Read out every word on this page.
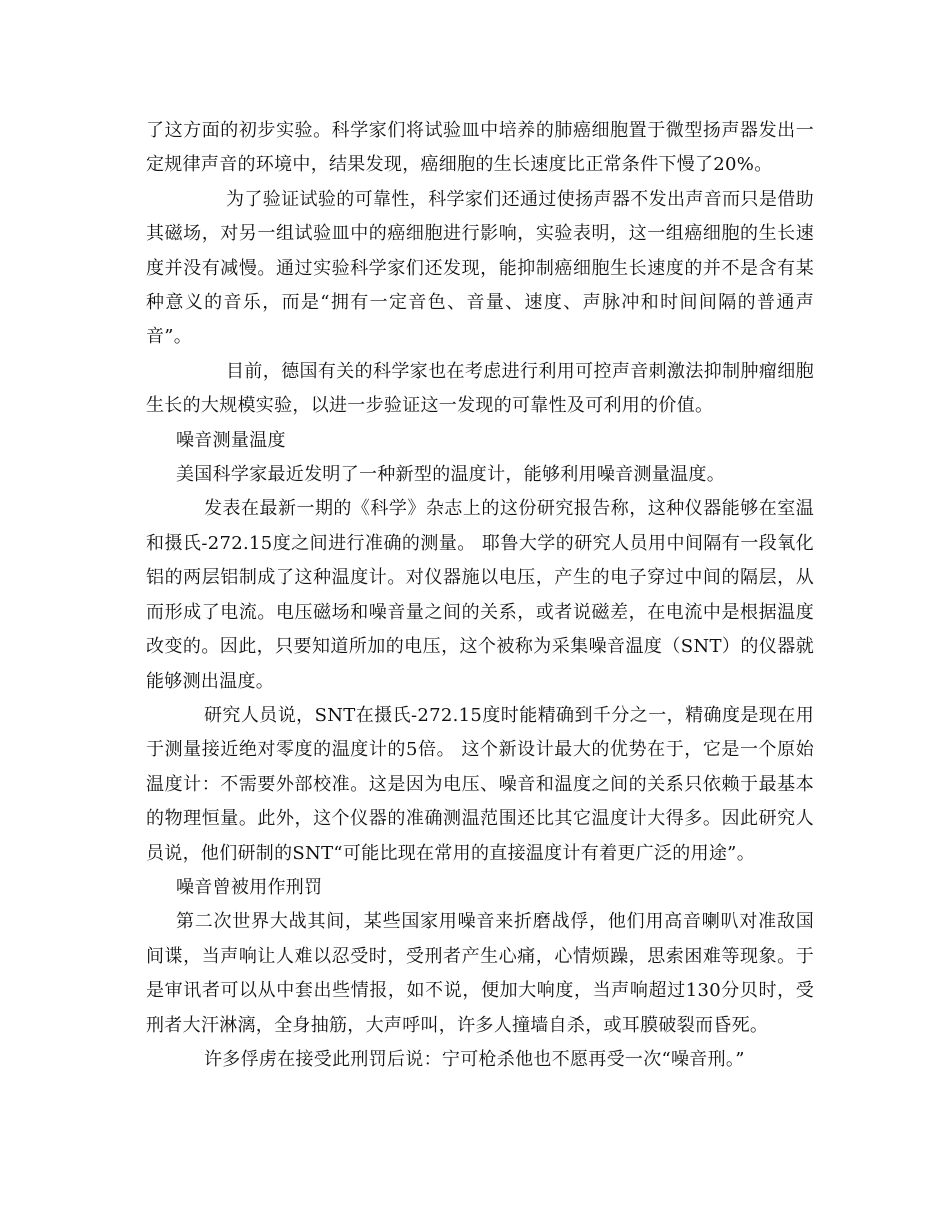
了这方面的初步实验。科学家们将试验皿中培养的肺癌细胞置于微型扬声器发出一定规律声音的环境中，结果发现，癌细胞的生长速度比正常条件下慢了20%。

为了验证试验的可靠性，科学家们还通过使扬声器不发出声音而只是借助其磁场，对另一组试验皿中的癌细胞进行影响，实验表明，这一组癌细胞的生长速度并没有减慢。通过实验科学家们还发现，能抑制癌细胞生长速度的并不是含有某种意义的音乐，而是“拥有一定音色、音量、速度、声脉冲和时间间隔的普通声音”。

目前，德国有关的科学家也在考虑进行利用可控声音刺激法抑制肿瘤细胞生长的大规模实验，以进一步验证这一发现的可靠性及可利用的价值。

噪音测量温度

美国科学家最近发明了一种新型的温度计，能够利用噪音测量温度。

发表在最新一期的《科学》杂志上的这份研究报告称，这种仪器能够在室温和摄氏-272.15度之间进行准确的测量。 耶鲁大学的研究人员用中间隔有一段氧化铝的两层铝制成了这种温度计。对仪器施以电压，产生的电子穿过中间的隔层，从而形成了电流。电压磁场和噪音量之间的关系，或者说磁差，在电流中是根据温度改变的。因此，只要知道所加的电压，这个被称为采集噪音温度（SNT）的仪器就能够测出温度。

研究人员说，SNT在摄氏-272.15度时能精确到千分之一，精确度是现在用于测量接近绝对零度的温度计的5倍。 这个新设计最大的优势在于，它是一个原始温度计：不需要外部校准。这是因为电压、噪音和温度之间的关系只依赖于最基本的物理恒量。此外，这个仪器的准确测温范围还比其它温度计大得多。因此研究人员说，他们研制的SNT“可能比现在常用的直接温度计有着更广泛的用途”。

噪音曾被用作刑罚

第二次世界大战其间，某些国家用噪音来折磨战俘，他们用高音喇叭对准敌国间谍，当声响让人难以忍受时，受刑者产生心痛，心情烦躁，思索困难等现象。于是审讯者可以从中套出些情报，如不说，便加大响度，当声响超过130分贝时，受刑者大汗淋漓，全身抽筋，大声呼叫，许多人撞墙自杀，或耳膜破裂而昏死。

许多俘虏在接受此刑罚后说：宁可枪杀他也不愿再受一次“噪音刑。”
